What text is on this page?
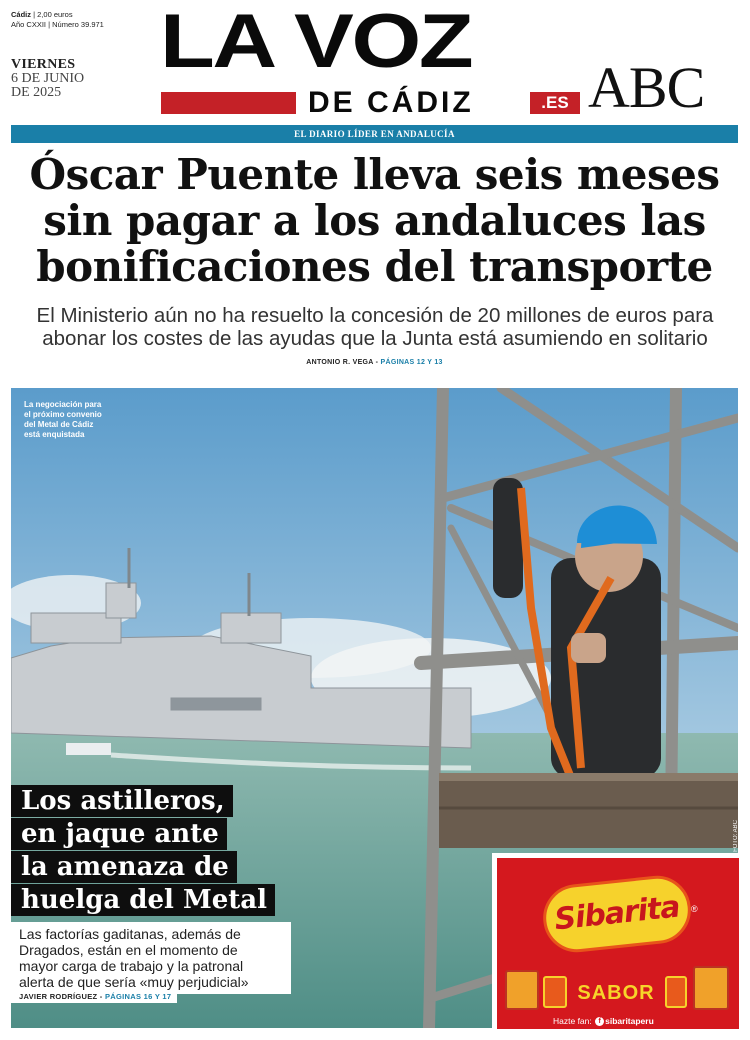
Cádiz | 2,00 euros
Año CXXII | Número 39.971
VIERNES
6 DE JUNIO
DE 2025
LA VOZ
DE CÁDIZ	.ES ABC
EL DIARIO LÍDER EN ANDALUCÍA
Óscar Puente lleva seis meses
sin pagar a los andaluces las
bonificaciones del transporte
El Ministerio aún no ha resuelto la concesión de 20 millones de euros para
abonar los costes de las ayudas que la Junta está asumiendo en solitario
ANTONIO R. VEGA - PÁGINAS 12 Y 13
La negociación para
el próximo convenio
del Metal de Cádiz
está enquistada
FOTO: ABC
Los astilleros,
en jaque ante
la amenaza de
huelga del Metal
Las factorías gaditanas, además de
Dragados, están en el momento de
mayor carga de trabajo y la patronal
alerta de que sería «muy perjudicial»
JAVIER RODRÍGUEZ - PÁGINAS 16 Y 17
Sibarita	®
SABOR
Hazte fan: f sibaritaperu
